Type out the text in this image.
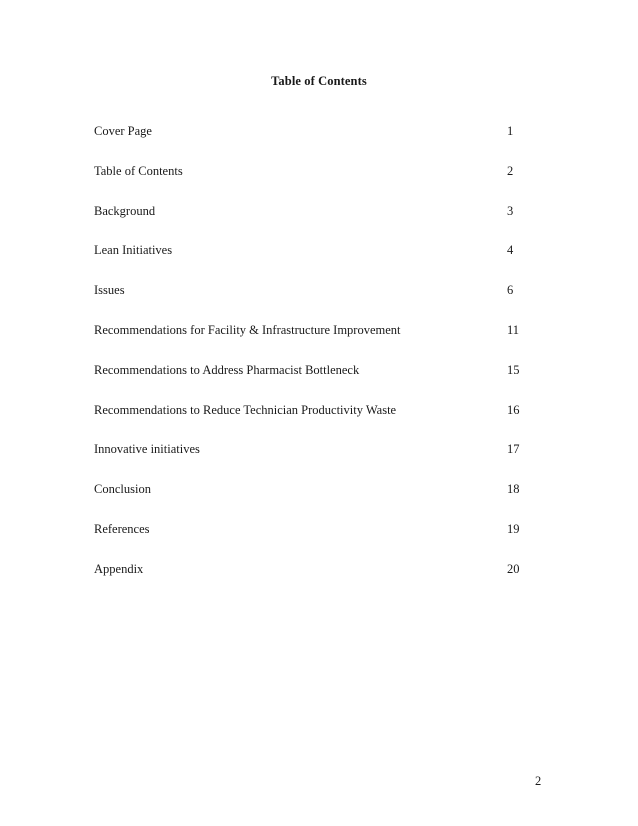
Table of Contents
Cover Page	1
Table of Contents	2
Background	3
Lean Initiatives	4
Issues	6
Recommendations for Facility & Infrastructure Improvement	11
Recommendations to Address Pharmacist Bottleneck	15
Recommendations to Reduce Technician Productivity Waste	16
Innovative initiatives	17
Conclusion	18
References	19
Appendix	20
2
